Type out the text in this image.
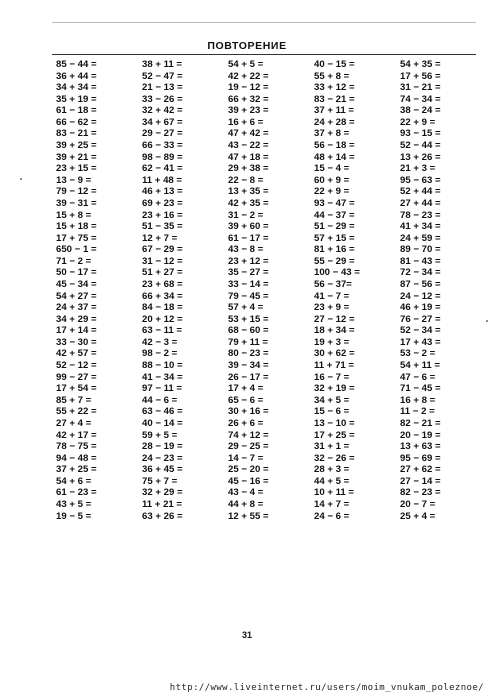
ПОВТОРЕНИЕ
85 − 44 =
36 + 44 =
34 + 34 =
35 + 19 =
61 − 18 =
66 − 62 =
83 − 21 =
39 + 25 =
39 + 21 =
23 + 15 =
13 − 9 =
79 − 12 =
39 − 31 =
15 + 8 =
15 + 18 =
17 + 75 =
650 − 1 =
71 − 2 =
50 − 17 =
45 − 34 =
54 + 27 =
24 + 37 =
34 + 29 =
17 + 14 =
33 − 30 =
42 + 57 =
52 − 12 =
99 − 27 =
17 + 54 =
85 + 7 =
55 + 22 =
27 + 4 =
42 + 17 =
78 − 75 =
94 − 48 =
37 + 25 =
54 + 6 =
61 − 23 =
43 + 5 =
19 − 5 =
38 + 11 =
52 − 47 =
21 − 13 =
33 − 26 =
32 + 42 =
34 + 67 =
29 − 27 =
66 − 33 =
98 − 89 =
62 − 41 =
11 + 48 =
46 + 13 =
69 + 23 =
23 + 16 =
51 − 35 =
12 + 7 =
67 − 29 =
31 − 12 =
51 + 27 =
23 + 68 =
66 + 34 =
84 − 18 =
20 + 12 =
63 − 11 =
42 − 3 =
98 − 2 =
88 − 10 =
41 − 34 =
97 − 11 =
44 − 6 =
63 − 46 =
40 − 14 =
59 + 5 =
28 − 19 =
24 − 23 =
36 + 45 =
75 + 7 =
32 + 29 =
11 + 21 =
63 + 26 =
54 + 5 =
42 + 22 =
19 − 12 =
66 + 32 =
39 + 23 =
16 + 6 =
47 + 42 =
43 − 22 =
47 + 18 =
29 + 38 =
22 − 8 =
13 + 35 =
42 + 35 =
31 − 2 =
39 + 60 =
61 − 17 =
43 − 8 =
23 + 12 =
35 − 27 =
33 − 14 =
79 − 45 =
57 + 4 =
53 + 15 =
68 − 60 =
79 + 11 =
80 − 23 =
39 − 34 =
26 − 17 =
17 + 4 =
65 − 6 =
30 + 16 =
26 + 6 =
74 + 12 =
29 − 25 =
14 − 7 =
25 − 20 =
45 − 16 =
43 − 4 =
44 + 8 =
12 + 55 =
40 − 15 =
55 + 8 =
33 + 12 =
83 − 21 =
37 + 11 =
24 + 28 =
37 + 8 =
56 − 18 =
48 + 14 =
15 − 4 =
60 + 9 =
22 + 9 =
93 − 47 =
44 − 37 =
51 − 29 =
57 + 15 =
81 + 16 =
55 − 29 =
100 − 43 =
56 − 37=
41 − 7 =
23 + 9 =
27 − 12 =
18 + 34 =
19 + 3 =
30 + 62 =
11 + 71 =
16 − 7 =
32 + 19 =
34 + 5 =
15 − 6 =
13 − 10 =
17 + 25 =
31 + 1 =
32 − 26 =
28 + 3 =
44 + 5 =
10 + 11 =
14 + 7 =
24 − 6 =
54 + 35 =
17 + 56 =
31 − 21 =
74 − 34 =
38 − 24 =
22 + 9 =
93 − 15 =
52 − 44 =
13 + 26 =
21 + 3 =
95 − 63 =
52 + 44 =
27 + 44 =
78 − 23 =
41 + 34 =
24 + 59 =
89 − 70 =
81 − 43 =
72 − 34 =
87 − 56 =
24 − 12 =
46 + 19 =
76 − 27 =
52 − 34 =
17 + 43 =
53 − 2 =
54 + 11 =
47 − 6 =
71 − 45 =
16 + 8 =
11 − 2 =
82 − 21 =
20 − 19 =
13 + 63 =
95 − 69 =
27 + 62 =
27 − 14 =
82 − 23 =
20 − 7 =
25 + 4 =
31
http://www.liveinternet.ru/users/moim_vnukam_poleznoe/
